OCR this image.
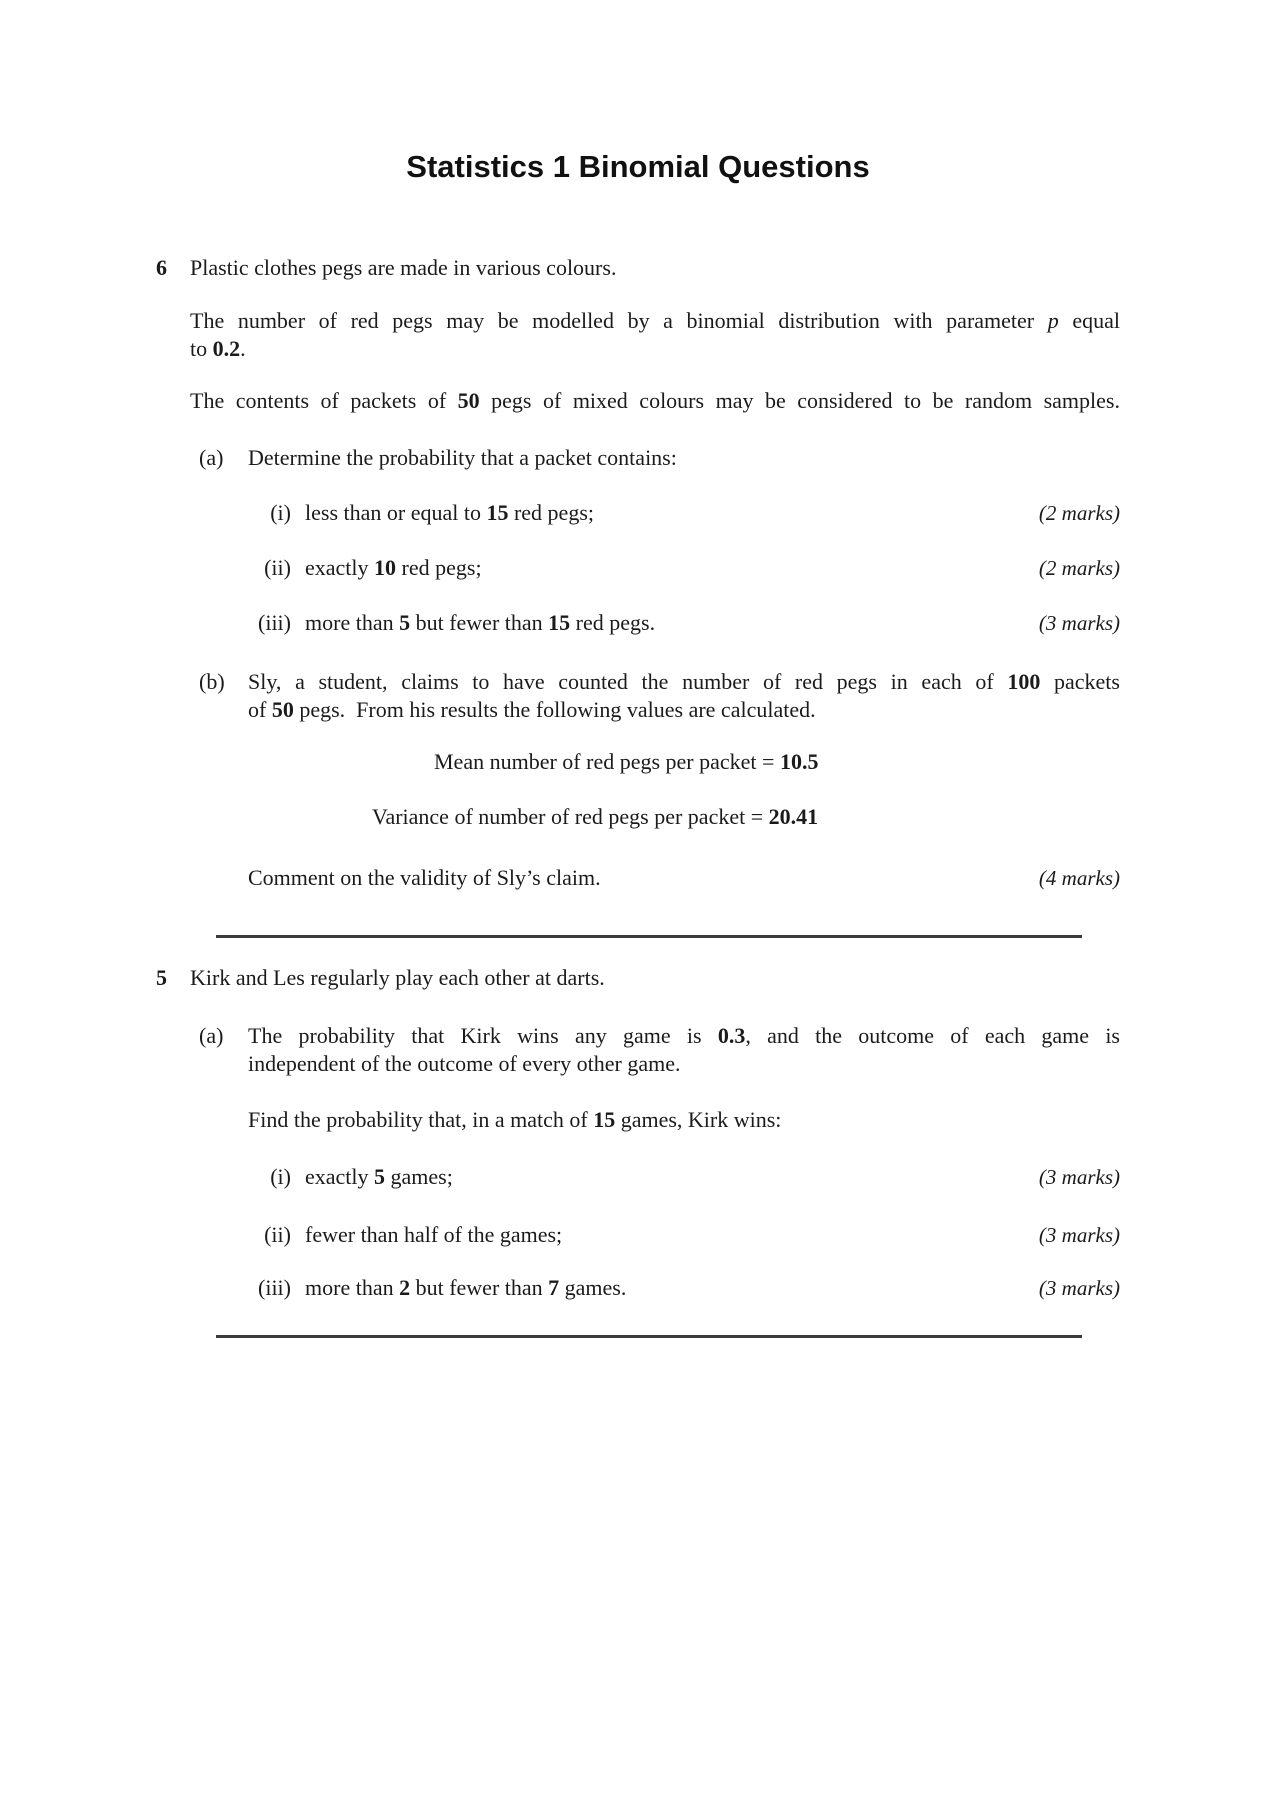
Statistics 1 Binomial Questions
6	Plastic clothes pegs are made in various colours.
The number of red pegs may be modelled by a binomial distribution with parameter p equal
to 0.2.
The contents of packets of 50 pegs of mixed colours may be considered to be random samples.
(a)	Determine the probability that a packet contains:
(i) less than or equal to 15 red pegs;	(2 marks)
(ii) exactly 10 red pegs;	(2 marks)
(iii) more than 5 but fewer than 15 red pegs.	(3 marks)
(b)	Sly, a student, claims to have counted the number of red pegs in each of 100 packets
of 50 pegs.  From his results the following values are calculated.
Mean number of red pegs per packet = 10.5
Variance of number of red pegs per packet = 20.41
Comment on the validity of Sly’s claim.	(4 marks)
5	Kirk and Les regularly play each other at darts.
(a)	The probability that Kirk wins any game is 0.3, and the outcome of each game is
independent of the outcome of every other game.
Find the probability that, in a match of 15 games, Kirk wins:
(i) exactly 5 games;	(3 marks)
(ii) fewer than half of the games;	(3 marks)
(iii) more than 2 but fewer than 7 games.	(3 marks)
